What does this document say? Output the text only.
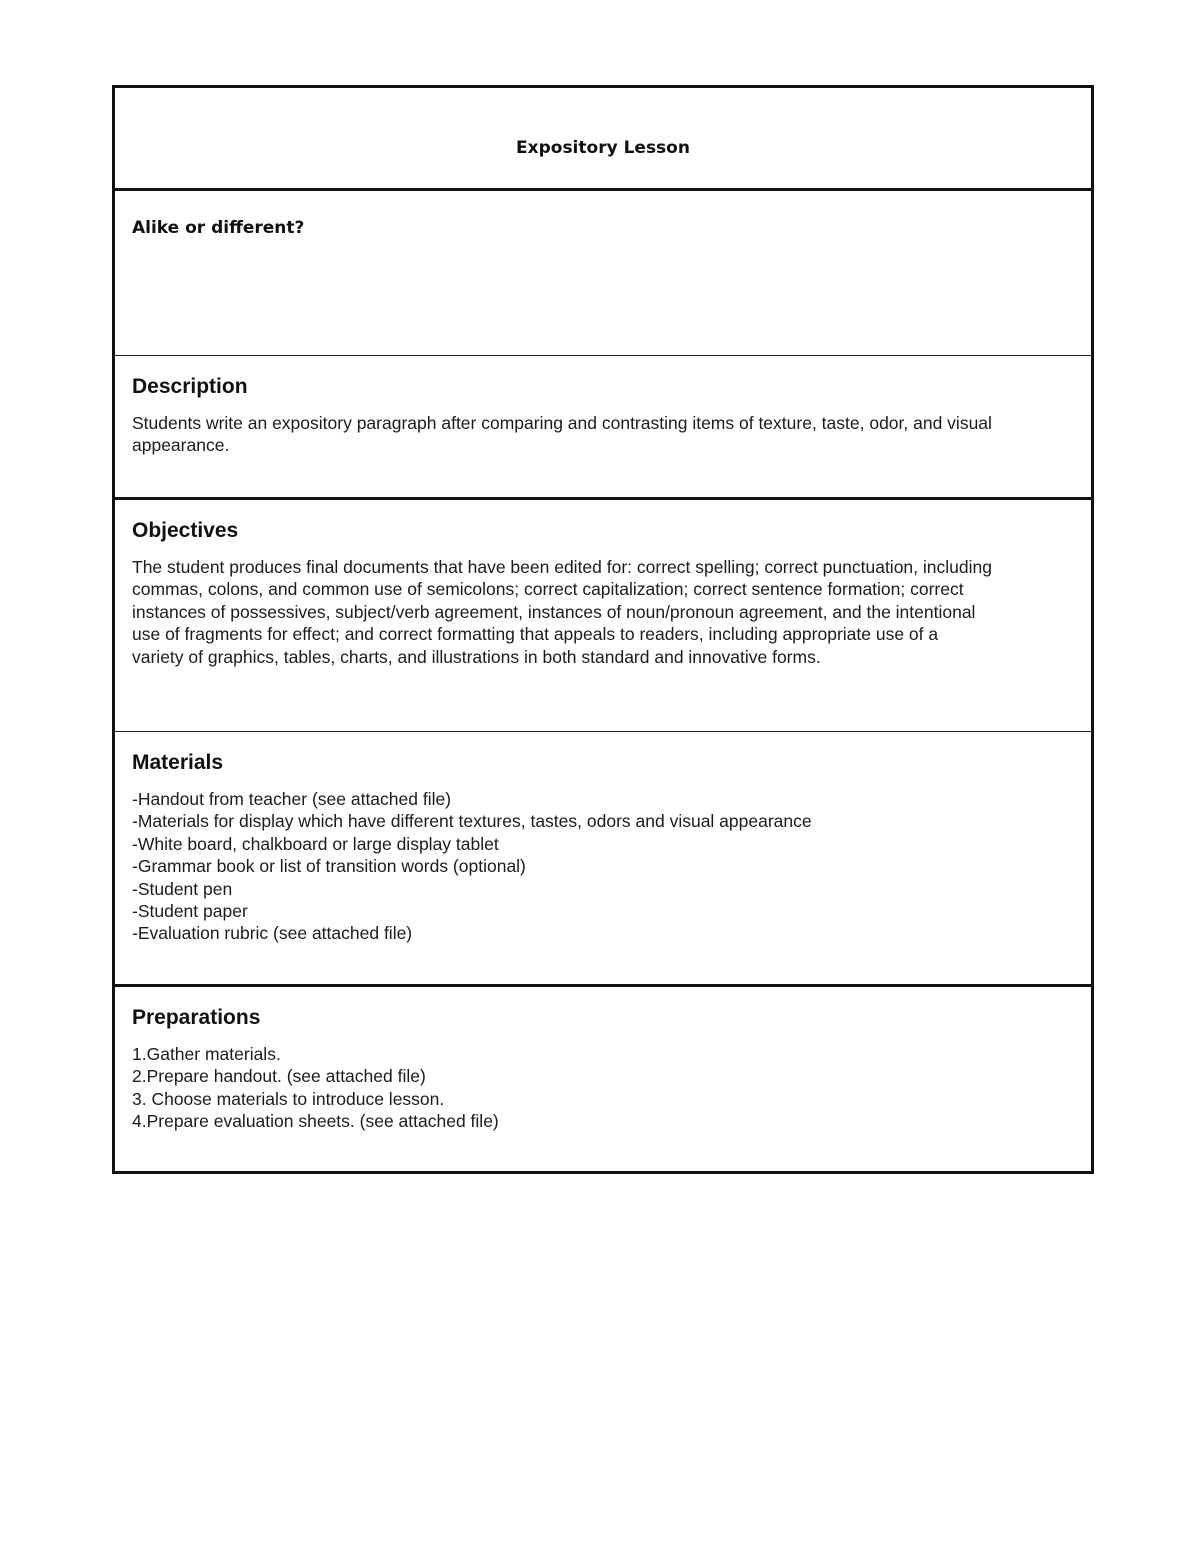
Expository Lesson
Alike or different?
Description
Students write an expository paragraph after comparing and contrasting items of texture, taste, odor, and visual
appearance.
Objectives
The student produces final documents that have been edited for: correct spelling; correct punctuation, including
commas, colons, and common use of semicolons; correct capitalization; correct sentence formation; correct
instances of possessives, subject/verb agreement, instances of noun/pronoun agreement, and the intentional
use of fragments for effect; and correct formatting that appeals to readers, including appropriate use of a
variety of graphics, tables, charts, and illustrations in both standard and innovative forms.
Materials
-Handout from teacher (see attached file)
-Materials for display which have different textures, tastes, odors and visual appearance
-White board, chalkboard or large display tablet
-Grammar book or list of transition words (optional)
-Student pen
-Student paper
-Evaluation rubric (see attached file)
Preparations
1.Gather materials.
2.Prepare handout. (see attached file)
3. Choose materials to introduce lesson.
4.Prepare evaluation sheets. (see attached file)
